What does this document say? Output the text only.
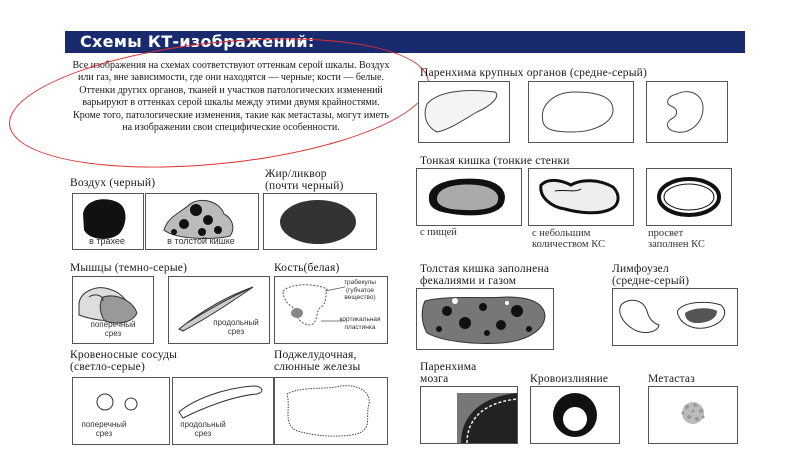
Схемы КТ-изображений:

Все изображения на схемах соответствуют оттенкам серой шкалы. Воздух или газ, вне зависимости, где они находятся — черные; кости — белые. Оттенки других органов, тканей и участков патологических изменений варьируют в оттенках серой шкалы между этими двумя крайностями. Кроме того, патологические изменения, такие как метастазы, могут иметь на изображении свои специфические особенности.

Воздух (черный)
в трахее	в толстой кишке
Жир/ликвор
(почти черный)
Мышцы (темно-серые)
поперечный срез
продольный срез
Кость(белая)
трабекулы (губчатое вещество)
кортикальная пластинка
Кровеносные сосуды
(светло-серые)
поперечный срез
продольный срез
Поджелудочная,
слюнные железы
Паренхима крупных органов (средне-серый)
Тонкая кишка (тонкие стенки
с пищей	с небольшим
количеством КС
просвет
заполнен КС
Толстая кишка заполнена
фекалиями и газом
Лимфоузел
(средне-серый)
Паренхима
мозга	Кровоизлияние	Метастаз
